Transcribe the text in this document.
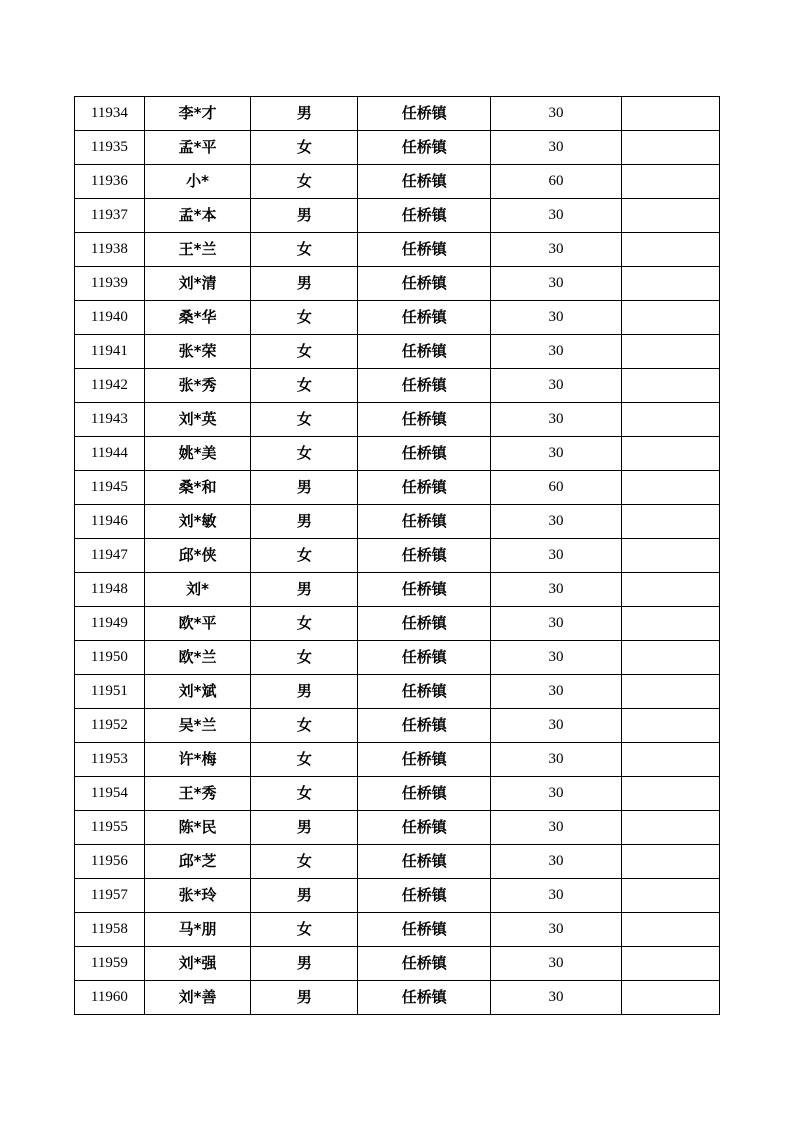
11934	李*才	男	任桥镇	30	
11935	孟*平	女	任桥镇	30	
11936	小*	女	任桥镇	60	
11937	孟*本	男	任桥镇	30	
11938	王*兰	女	任桥镇	30	
11939	刘*清	男	任桥镇	30	
11940	桑*华	女	任桥镇	30	
11941	张*荣	女	任桥镇	30	
11942	张*秀	女	任桥镇	30	
11943	刘*英	女	任桥镇	30	
11944	姚*美	女	任桥镇	30	
11945	桑*和	男	任桥镇	60	
11946	刘*敏	男	任桥镇	30	
11947	邱*侠	女	任桥镇	30	
11948	刘*	男	任桥镇	30	
11949	欧*平	女	任桥镇	30	
11950	欧*兰	女	任桥镇	30	
11951	刘*斌	男	任桥镇	30	
11952	吴*兰	女	任桥镇	30	
11953	许*梅	女	任桥镇	30	
11954	王*秀	女	任桥镇	30	
11955	陈*民	男	任桥镇	30	
11956	邱*芝	女	任桥镇	30	
11957	张*玲	男	任桥镇	30	
11958	马*朋	女	任桥镇	30	
11959	刘*强	男	任桥镇	30	
11960	刘*善	男	任桥镇	30	
